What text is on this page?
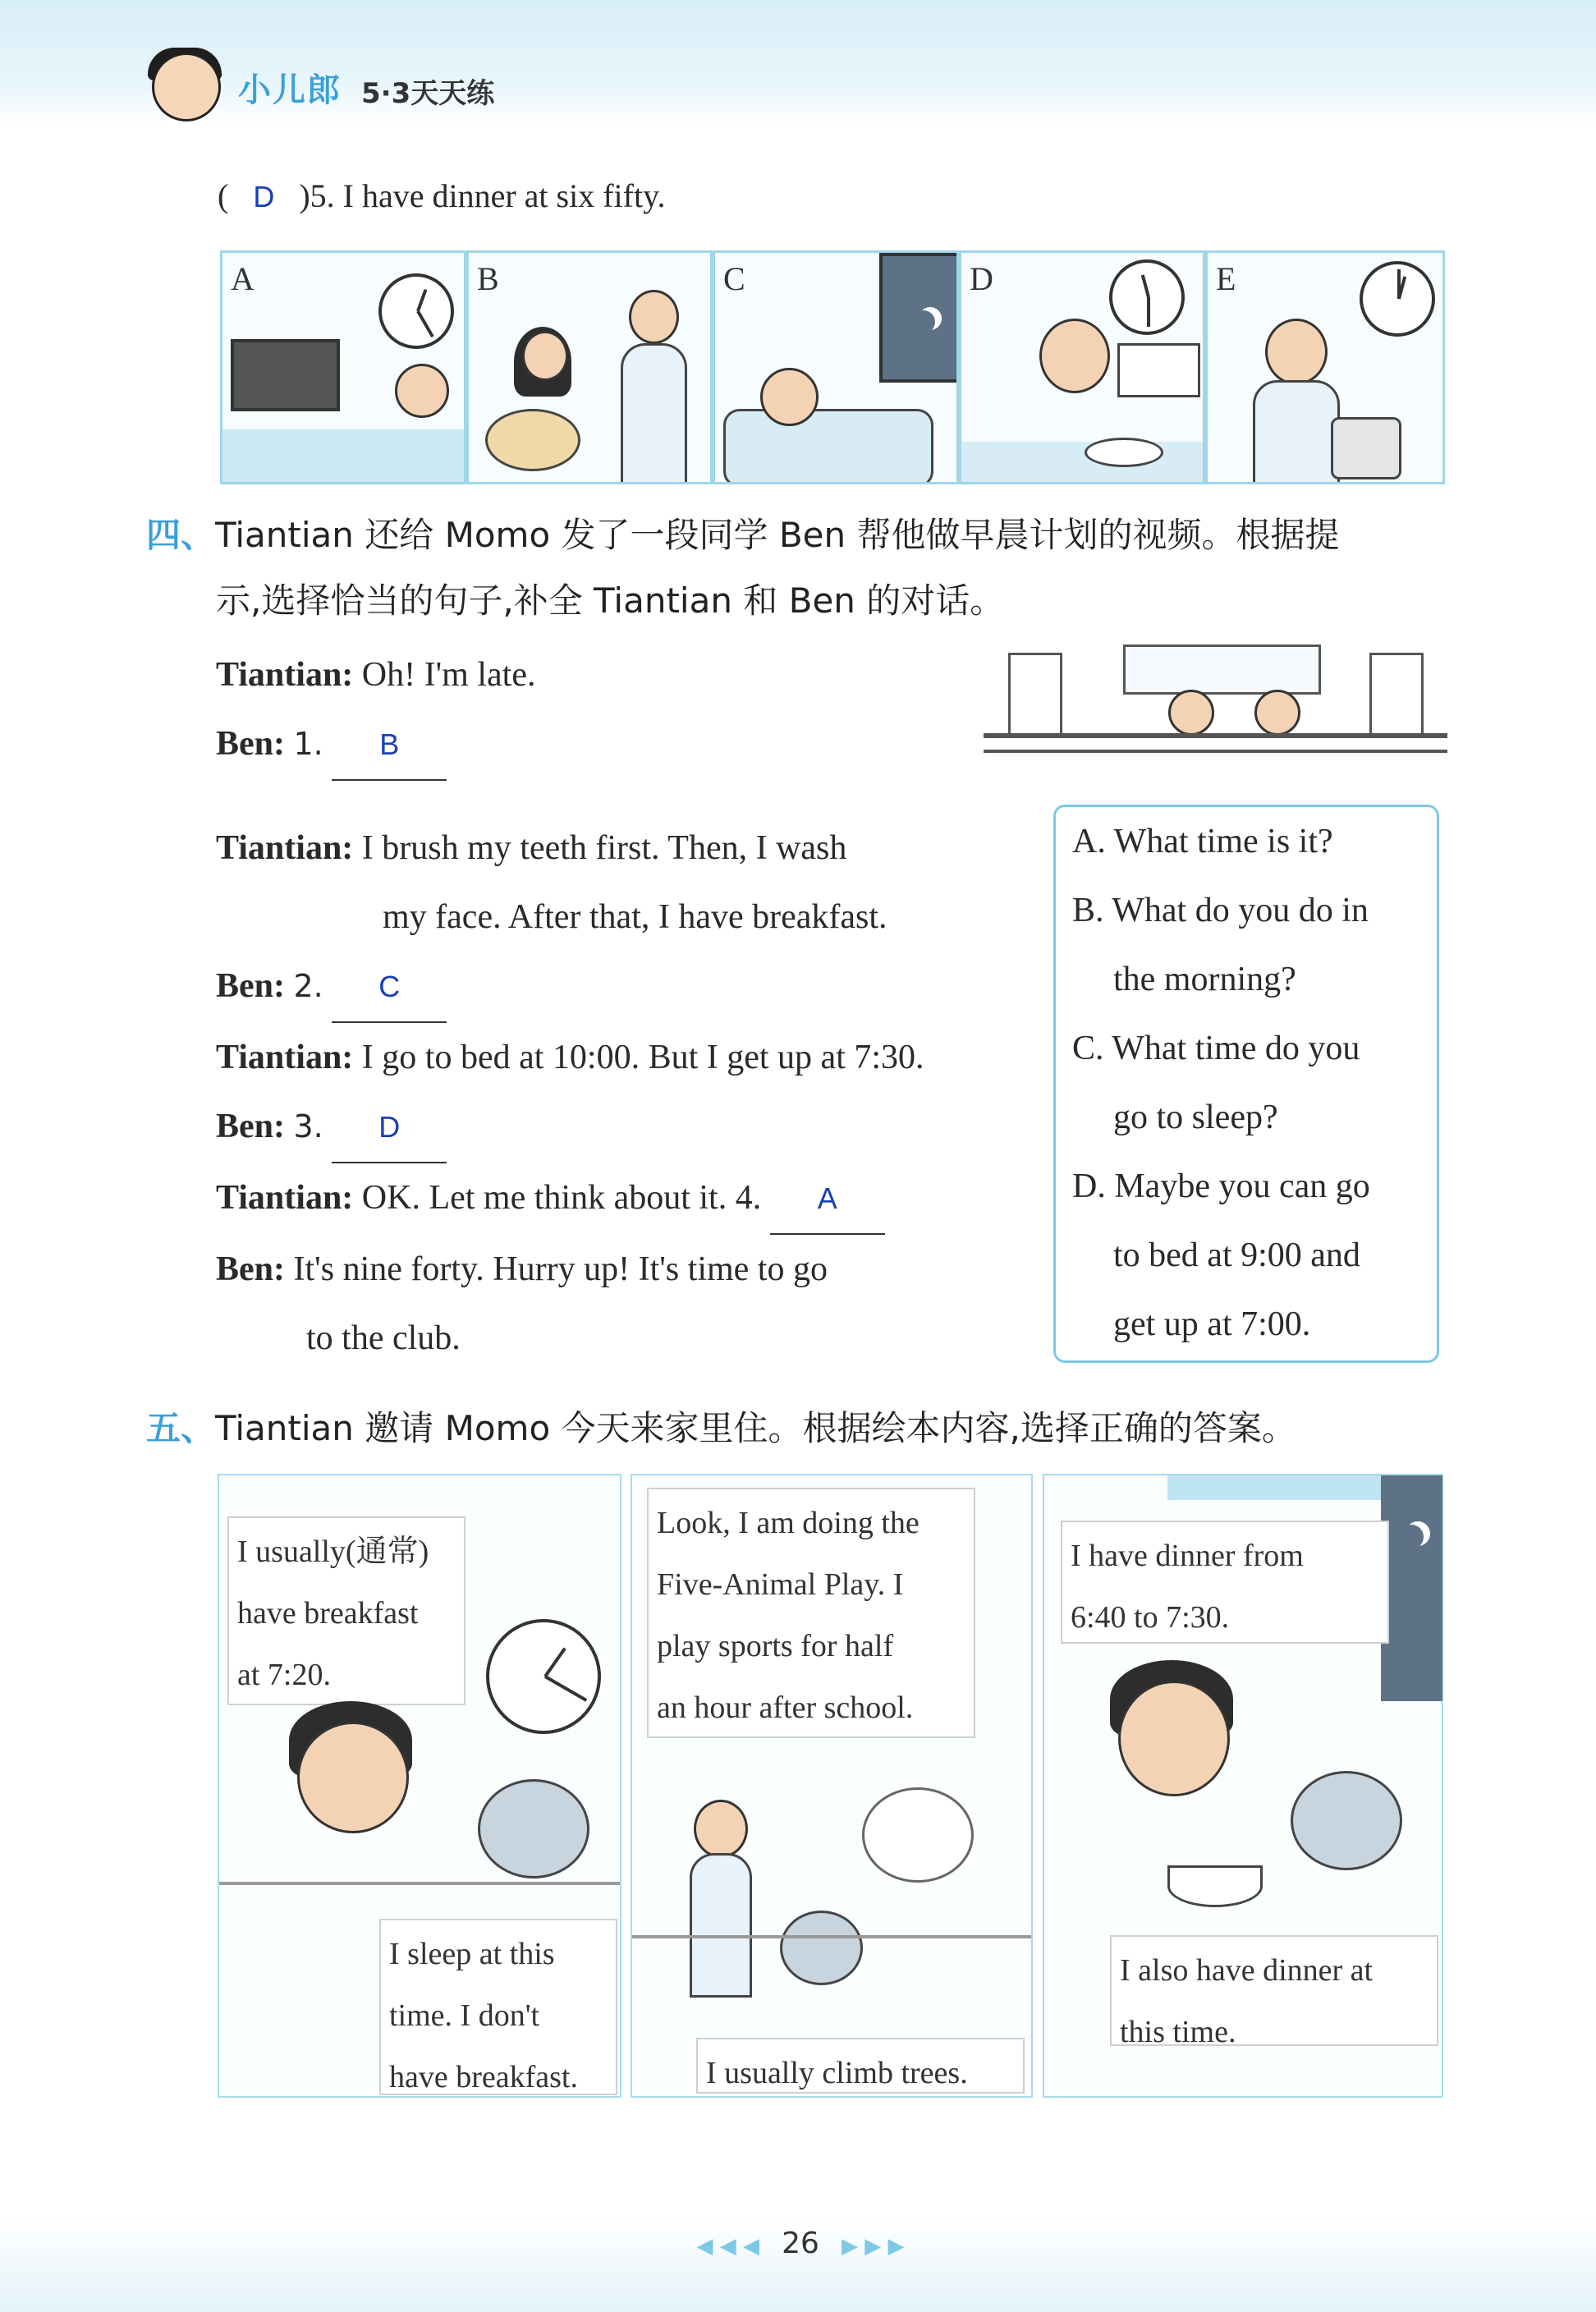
小儿郎 5·3天天练
( D )5. I have dinner at six fifty.
A	B	C	D	E
四、Tiantian 还给 Momo 发了一段同学 Ben 帮他做早晨计划的视频。根据提
示,选择恰当的句子,补全 Tiantian 和 Ben 的对话。
Tiantian: Oh! I'm late.
Ben: 1. B
Tiantian: I brush my teeth first. Then, I wash
my face. After that, I have breakfast.
Ben: 2. C
Tiantian: I go to bed at 10:00. But I get up at 7:30.
Ben: 3. D
Tiantian: OK. Let me think about it. 4. A
Ben: It's nine forty. Hurry up! It's time to go
to the club.
A. What time is it?
B. What do you do in
the morning?
C. What time do you
go to sleep?
D. Maybe you can go
to bed at 9:00 and
get up at 7:00.
五、Tiantian 邀请 Momo 今天来家里住。根据绘本内容,选择正确的答案。
I usually(通常)
have breakfast
at 7:20.
I sleep at this
time. I don't
have breakfast.
Look, I am doing the
Five-Animal Play. I
play sports for half
an hour after school.
I usually climb trees.
I have dinner from
6:40 to 7:30.
I also have dinner at
this time.
◀ ◀ ◀ 26 ▶ ▶ ▶
